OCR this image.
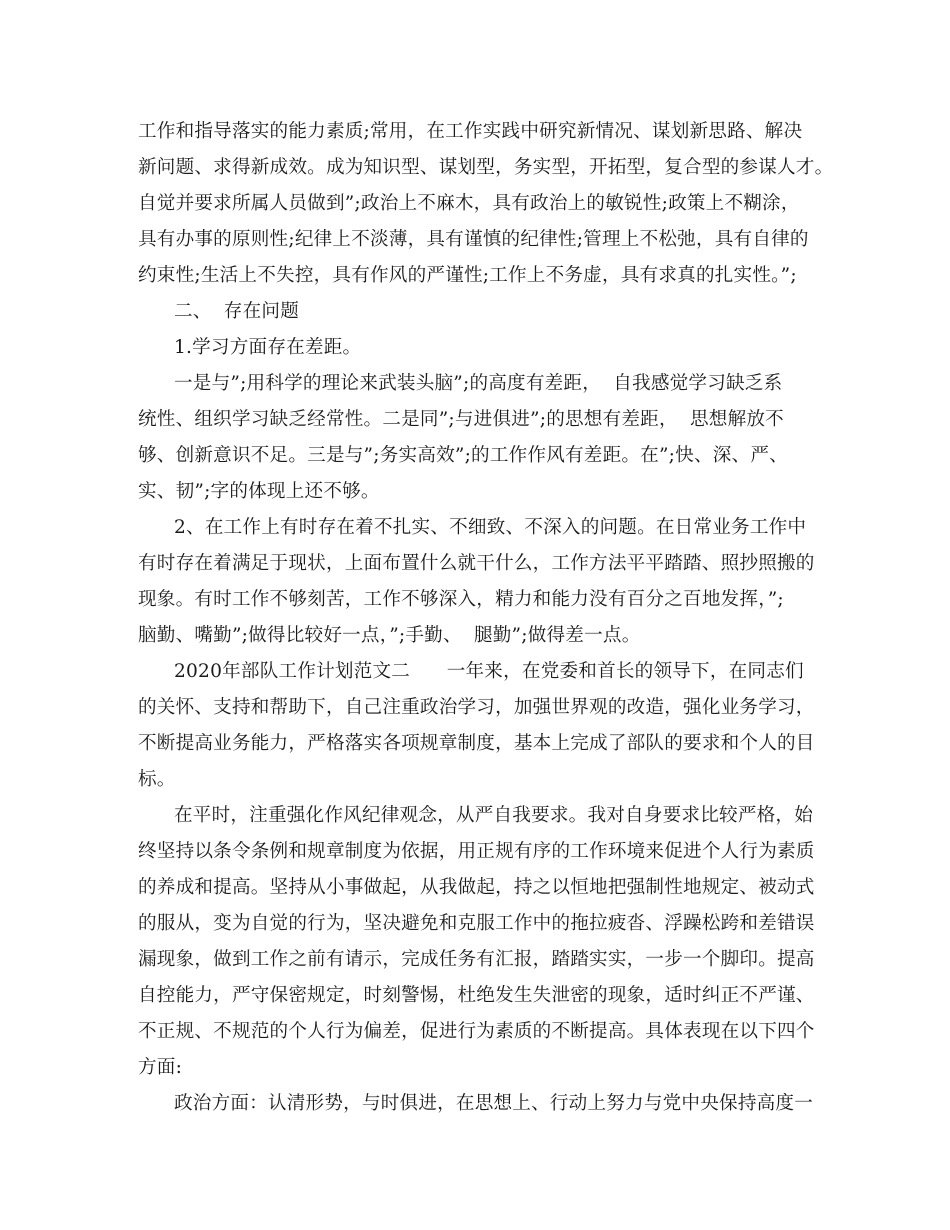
工作和指导落实的能力素质;常用，在工作实践中研究新情况、谋划新思路、解决
新问题、求得新成效。成为知识型、谋划型，务实型，开拓型，复合型的参谋人才。
自觉并要求所属人员做到”;政治上不麻木，具有政治上的敏锐性;政策上不糊涂，
具有办事的原则性;纪律上不淡薄，具有谨慎的纪律性;管理上不松弛，具有自律的
约束性;生活上不失控，具有作风的严谨性;工作上不务虚，具有求真的扎实性。”;
二、  存在问题
1.学习方面存在差距。
一是与”;用科学的理论来武装头脑”;的高度有差距，  自我感觉学习缺乏系
统性、组织学习缺乏经常性。二是同”;与进俱进”;的思想有差距，  思想解放不
够、创新意识不足。三是与”;务实高效”;的工作作风有差距。在”;快、深、严、
实、韧”;字的体现上还不够。
2、在工作上有时存在着不扎实、不细致、不深入的问题。在日常业务工作中
有时存在着满足于现状，上面布置什么就干什么，工作方法平平踏踏、照抄照搬的
现象。有时工作不够刻苦，工作不够深入，精力和能力没有百分之百地发挥，”;
脑勤、嘴勤”;做得比较好一点，”;手勤、  腿勤”;做得差一点。
2020年部队工作计划范文二      一年来，在党委和首长的领导下，在同志们
的关怀、支持和帮助下，自己注重政治学习，加强世界观的改造，强化业务学习，
不断提高业务能力，严格落实各项规章制度，基本上完成了部队的要求和个人的目
标。
在平时，注重强化作风纪律观念，从严自我要求。我对自身要求比较严格，始
终坚持以条令条例和规章制度为依据，用正规有序的工作环境来促进个人行为素质
的养成和提高。坚持从小事做起，从我做起，持之以恒地把强制性地规定、被动式
的服从，变为自觉的行为，坚决避免和克服工作中的拖拉疲沓、浮躁松跨和差错误
漏现象，做到工作之前有请示，完成任务有汇报，踏踏实实，一步一个脚印。提高
自控能力，严守保密规定，时刻警惕，杜绝发生失泄密的现象，适时纠正不严谨、
不正规、不规范的个人行为偏差，促进行为素质的不断提高。具体表现在以下四个
方面:
政治方面：认清形势，与时俱进，在思想上、行动上努力与党中央保持高度一
